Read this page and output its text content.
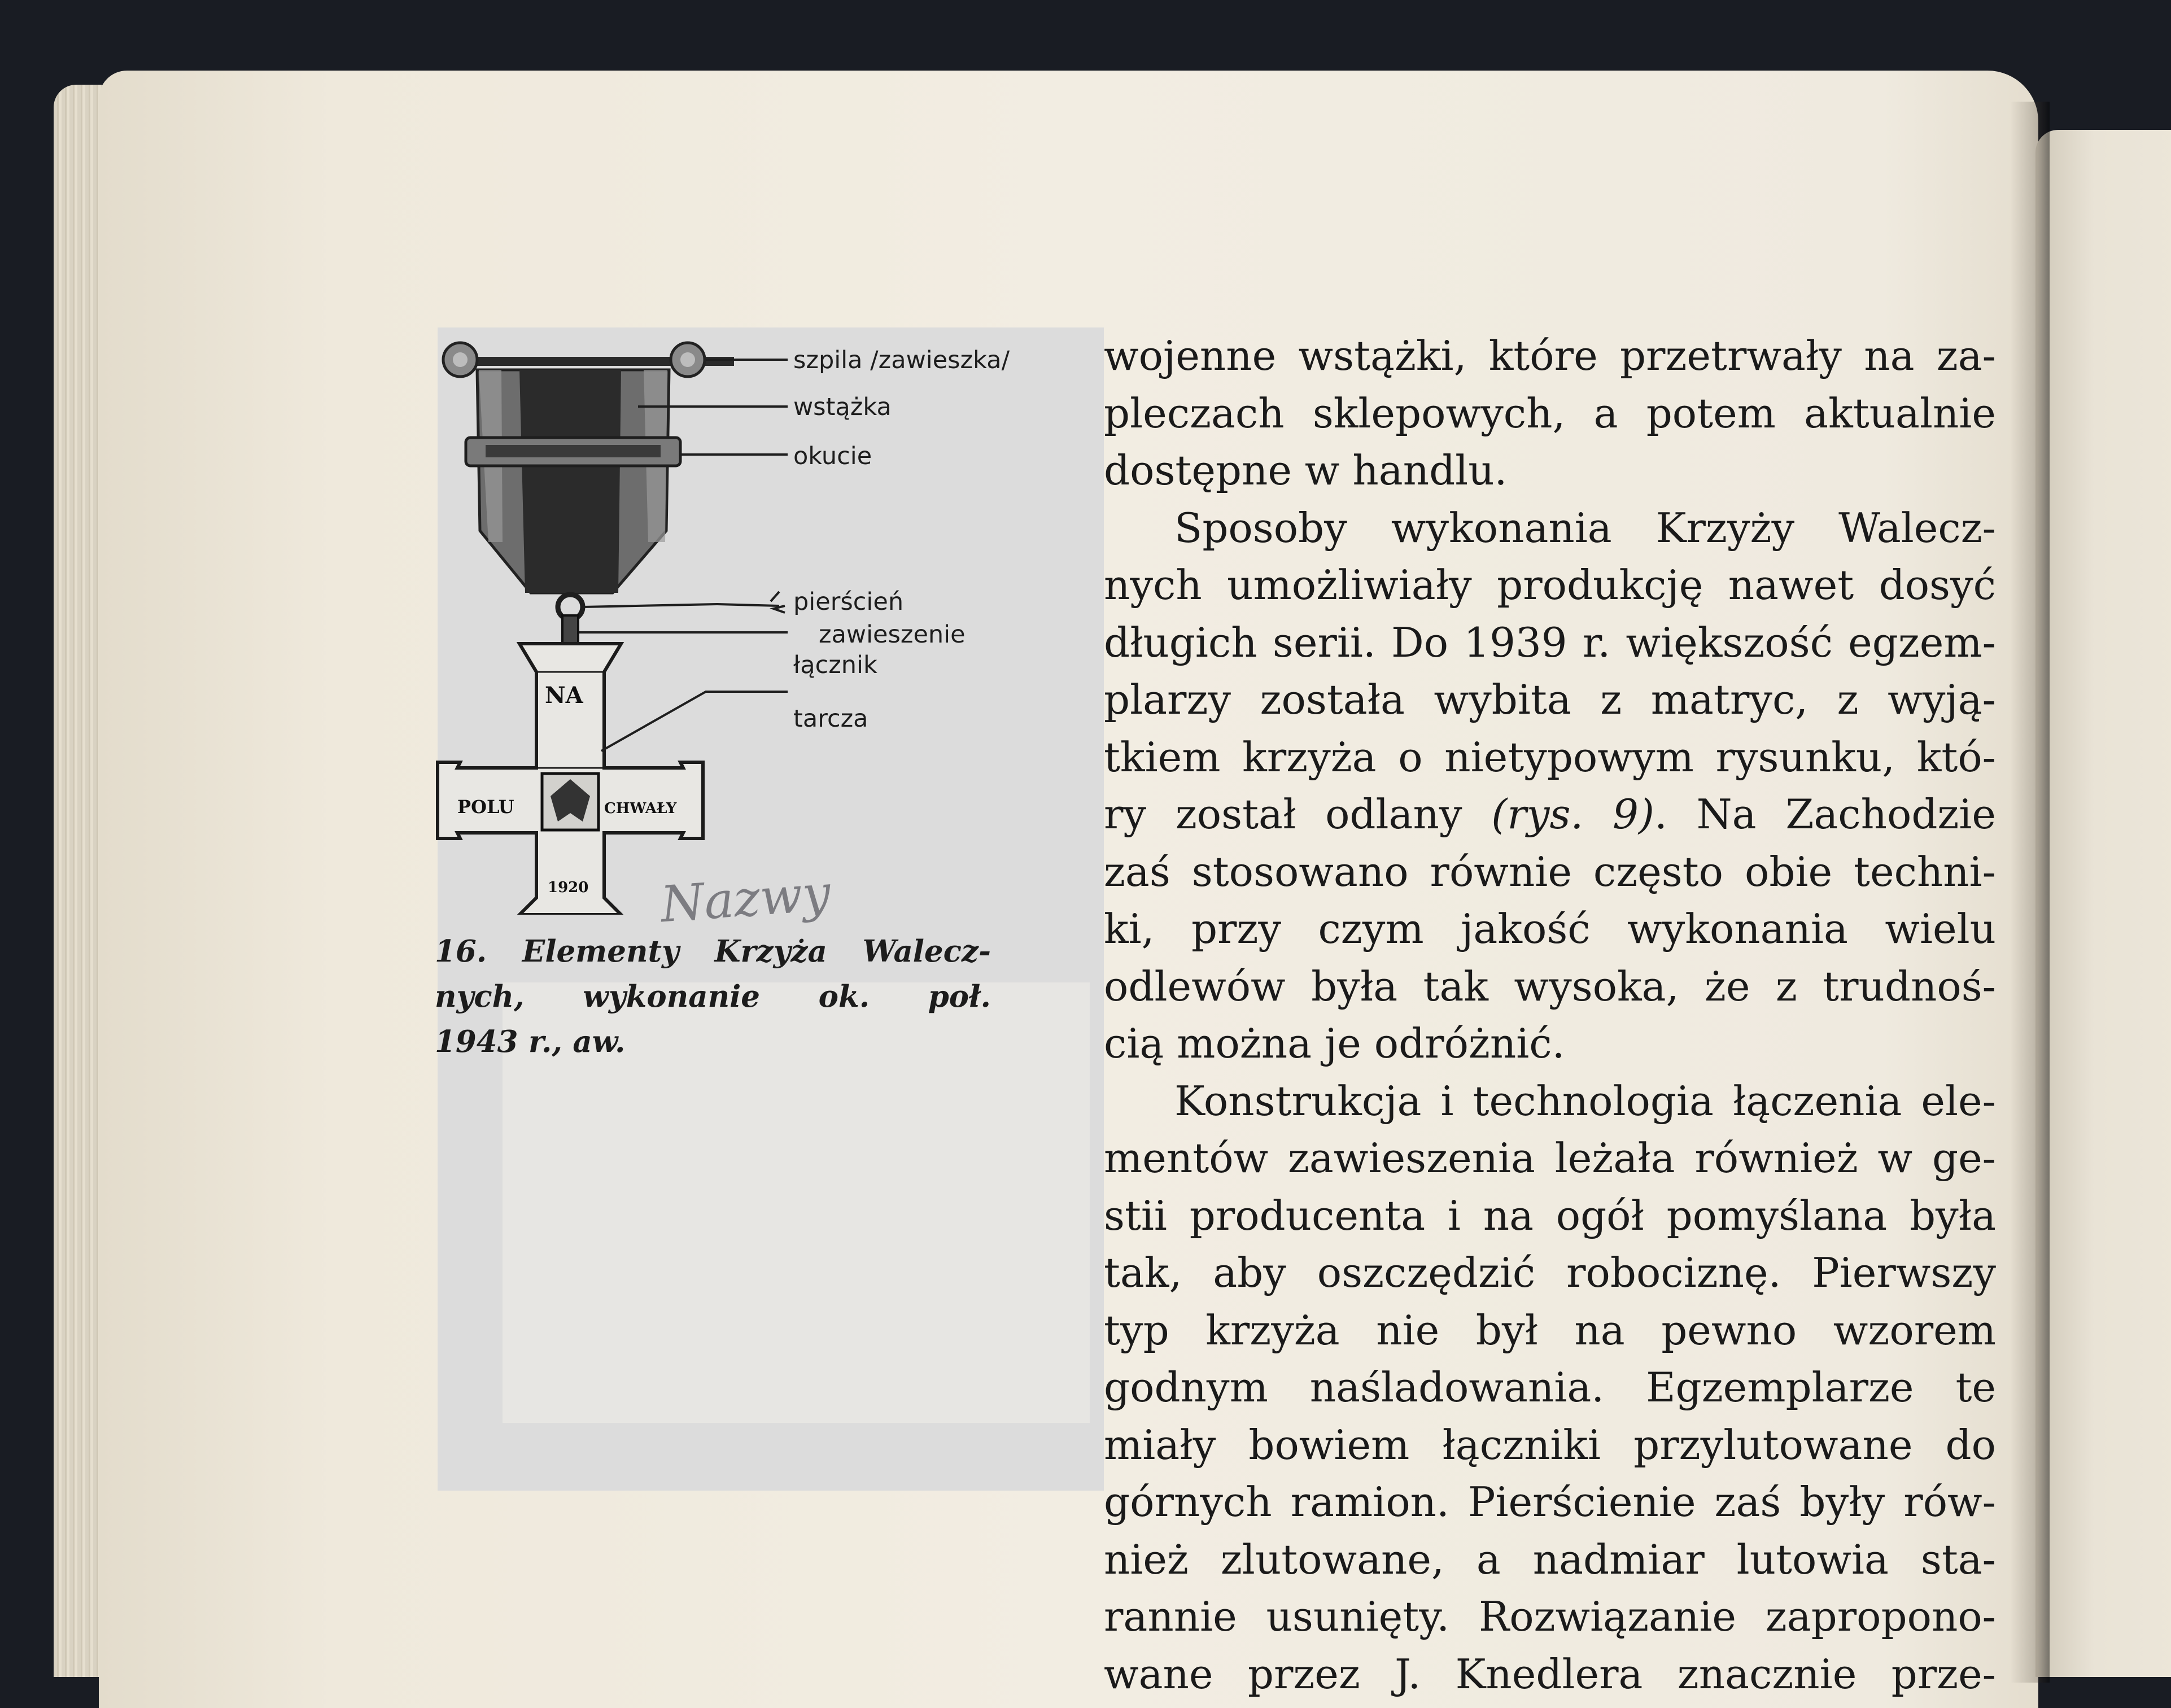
NA
POLU	CHWAŁY
1920
szpila /zawieszka/
wstążka
okucie
pierścień
zawieszenie
łącznik
tarcza
Nazwy
16. Elementy Krzyża Walecz-
nych, wykonanie ok. poł.
1943 r., aw.
wojenne wstążki, które przetrwały na za-
pleczach sklepowych, a potem aktualnie
dostępne w handlu.
Sposoby wykonania Krzyży Walecz-
nych umożliwiały produkcję nawet dosyć
długich serii. Do 1939 r. większość egzem-
plarzy została wybita z matryc, z wyją-
tkiem krzyża o nietypowym rysunku, któ-
ry został odlany (rys. 9). Na Zachodzie
zaś stosowano równie często obie techni-
ki, przy czym jakość wykonania wielu
odlewów była tak wysoka, że z trudnoś-
cią można je odróżnić.
Konstrukcja i technologia łączenia ele-
mentów zawieszenia leżała również w ge-
stii producenta i na ogół pomyślana była
tak, aby oszczędzić robociznę. Pierwszy
typ krzyża nie był na pewno wzorem
godnym naśladowania. Egzemplarze te
miały bowiem łączniki przylutowane do
górnych ramion. Pierścienie zaś były rów-
nież zlutowane, a nadmiar lutowia sta-
rannie usunięty. Rozwiązanie zapropono-
wane przez J. Knedlera znacznie prze-
